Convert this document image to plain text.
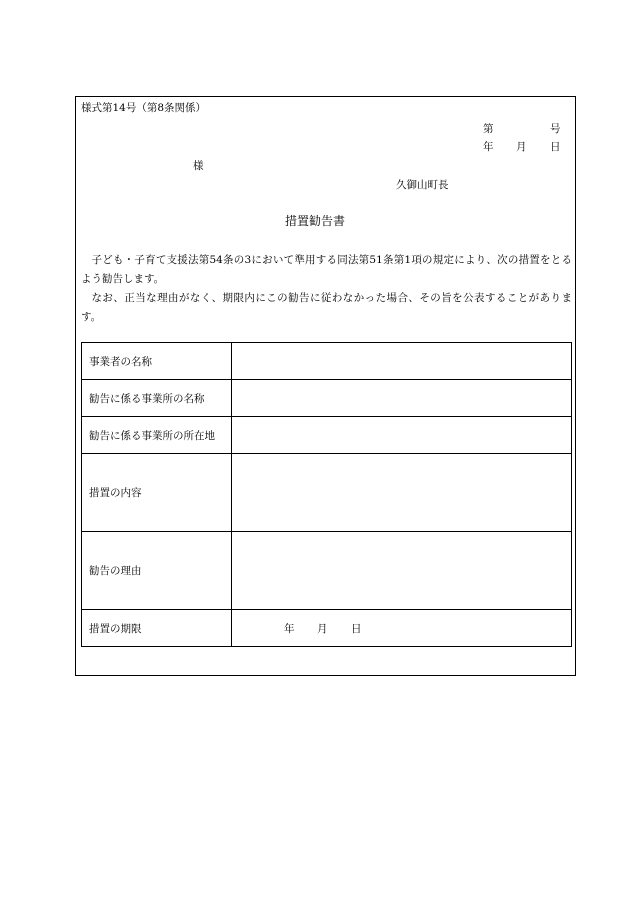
様式第14号（第8条関係）
第	号
年 月 日
様
久御山町長
措置勧告書

子ども・子育て支援法第54条の3において準用する同法第51条第1項の規定により、次の措置をとるよう勧告します。

なお、正当な理由がなく、期限内にこの勧告に従わなかった場合、その旨を公表することがあります。

事業者の名称	
勧告に係る事業所の名称	
勧告に係る事業所の所在地	
措置の内容	
勧告の理由	
措置の期限	年 月 日
